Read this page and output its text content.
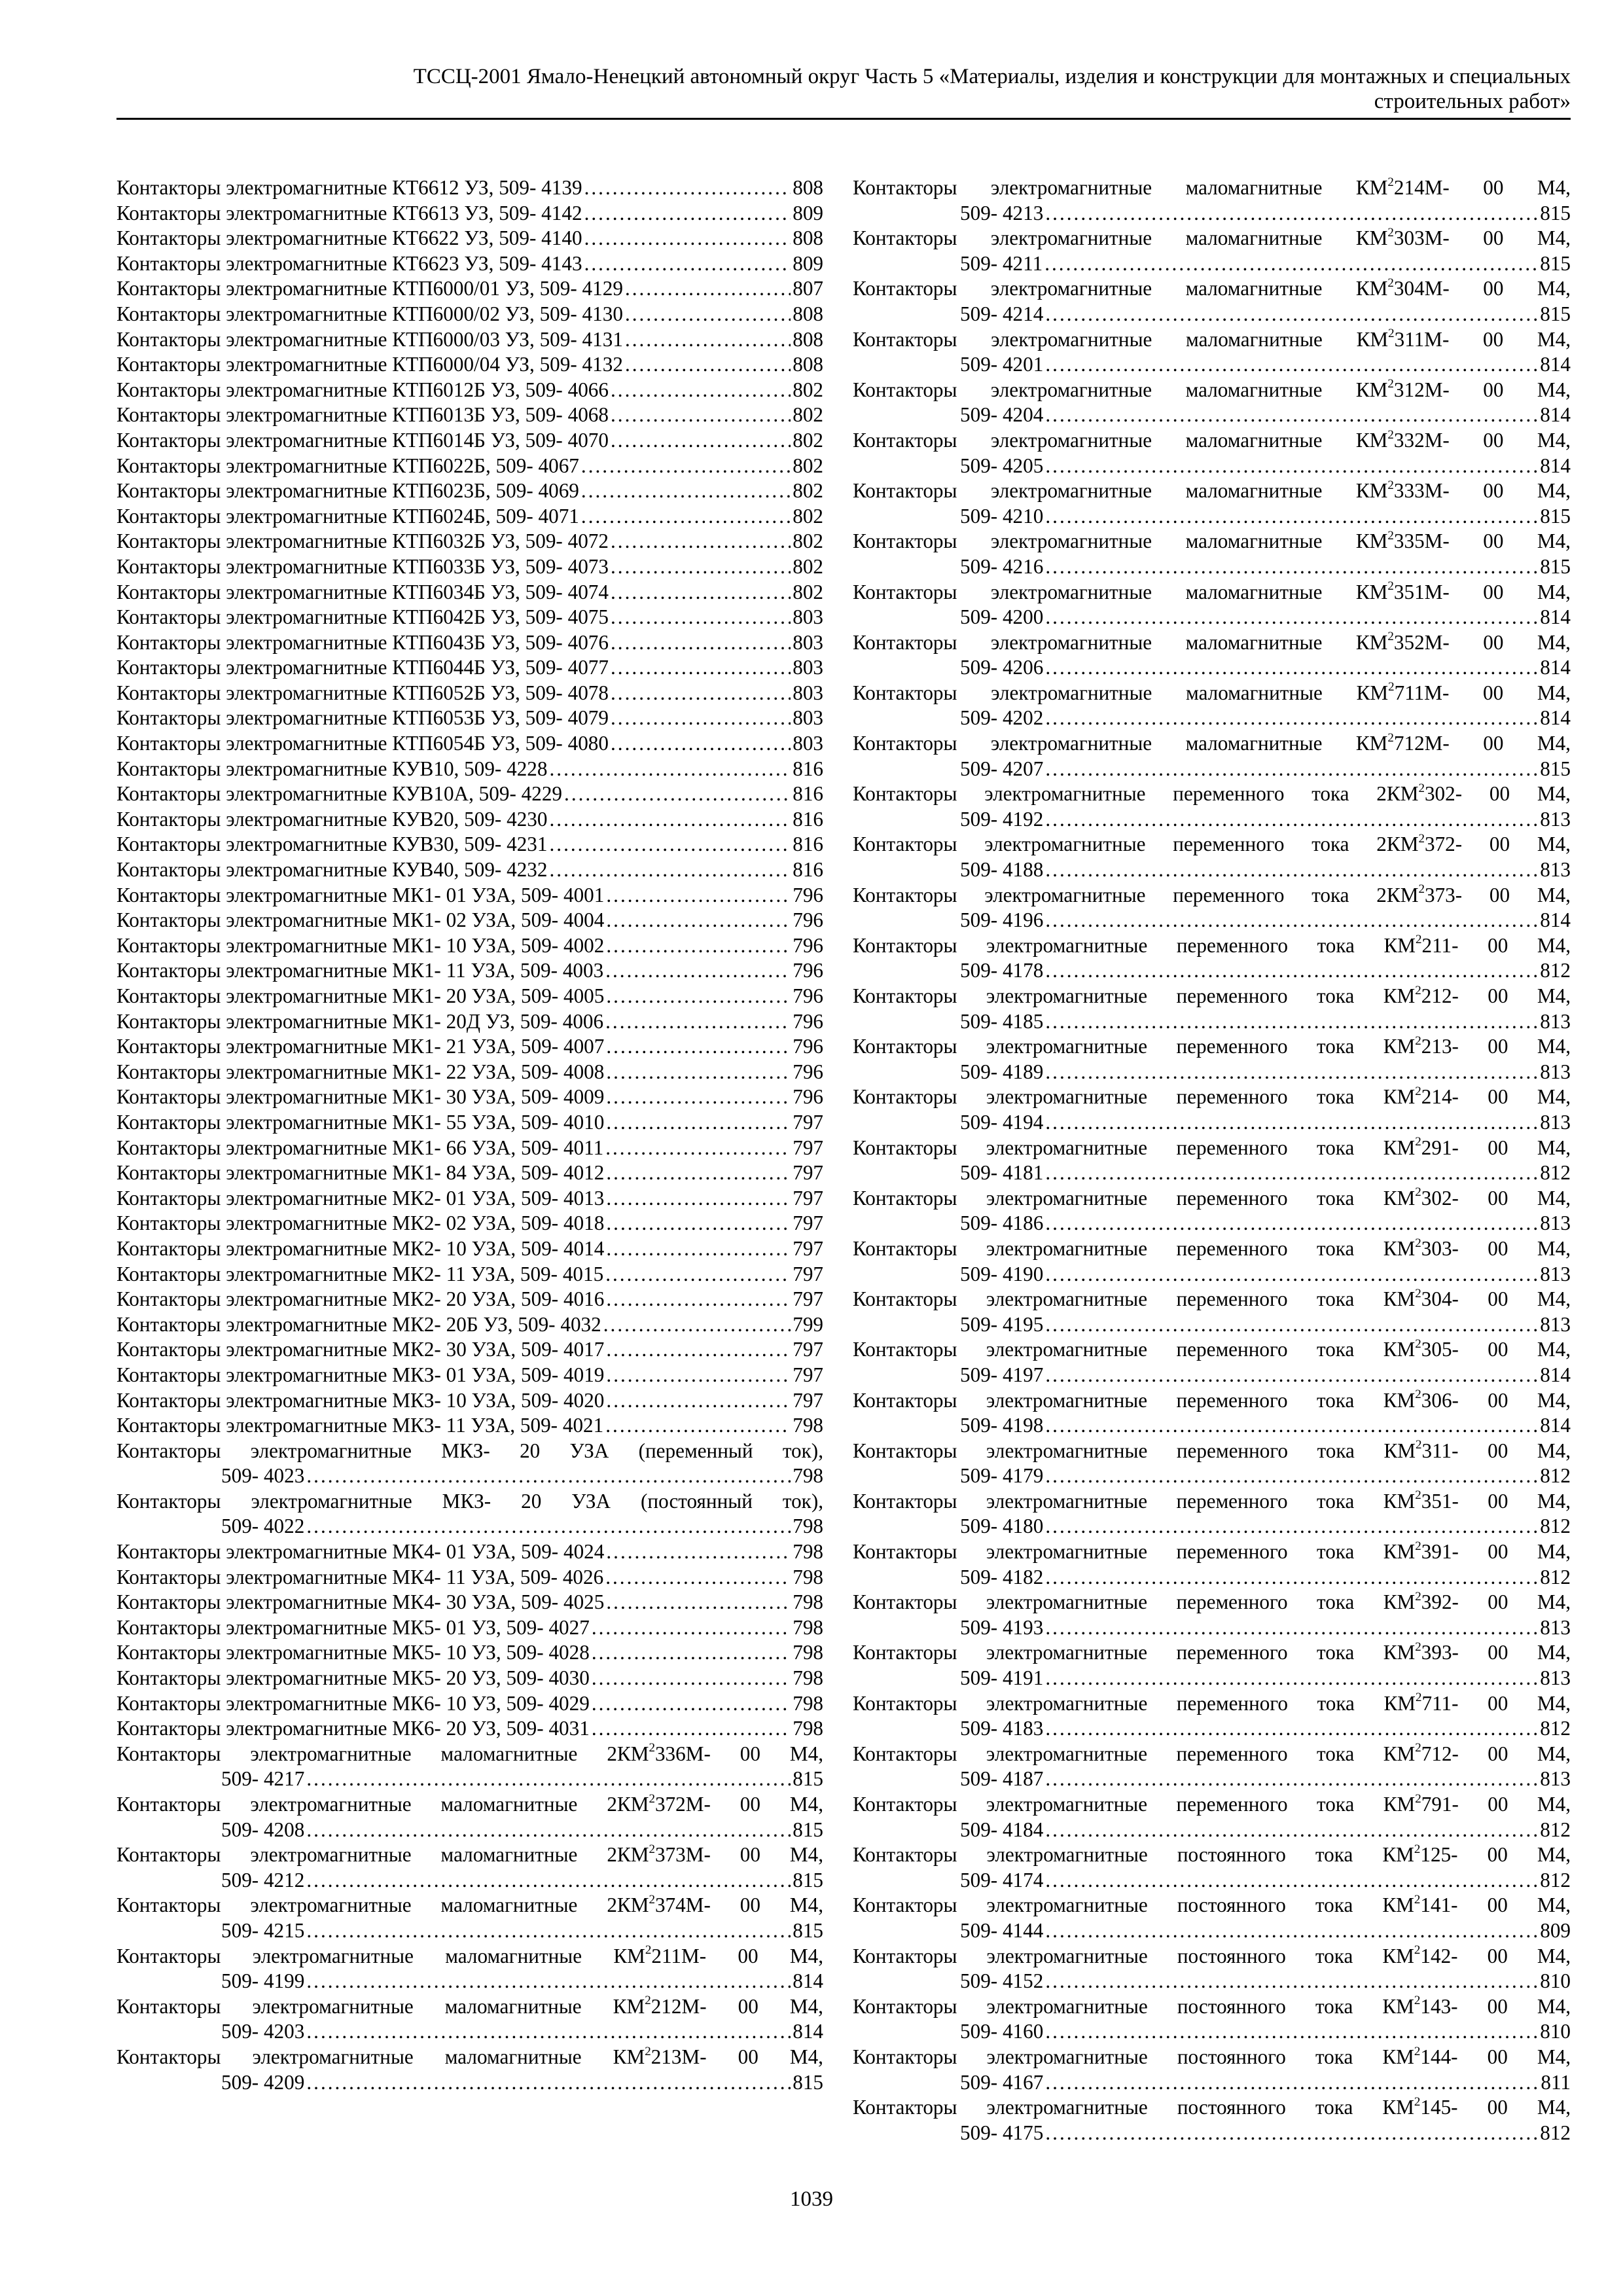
ТССЦ-2001 Ямало-Ненецкий автономный округ Часть 5 «Материалы, изделия и конструкции для монтажных и специальных
строительных работ»
Контакторы электромагнитные КТ6612 УЗ, 509- 4139 .....	808
Контакторы электромагнитные КТ6613 УЗ, 509- 4142 .....	809
Контакторы электромагнитные КТ6622 УЗ, 509- 4140 .....	808
Контакторы электромагнитные КТ6623 УЗ, 509- 4143 .....	809
Контакторы электромагнитные КТП6000/01 УЗ, 509- 4129 .....	807
Контакторы электромагнитные КТП6000/02 УЗ, 509- 4130 .....	808
Контакторы электромагнитные КТП6000/03 УЗ, 509- 4131 .....	808
Контакторы электромагнитные КТП6000/04 УЗ, 509- 4132 .....	808
Контакторы электромагнитные КТП6012Б УЗ, 509- 4066 .....	802
Контакторы электромагнитные КТП6013Б УЗ, 509- 4068 .....	802
Контакторы электромагнитные КТП6014Б УЗ, 509- 4070 .....	802
Контакторы электромагнитные КТП6022Б, 509- 4067 .....	802
Контакторы электромагнитные КТП6023Б, 509- 4069 .....	802
Контакторы электромагнитные КТП6024Б, 509- 4071 .....	802
Контакторы электромагнитные КТП6032Б УЗ, 509- 4072 .....	802
Контакторы электромагнитные КТП6033Б УЗ, 509- 4073 .....	802
Контакторы электромагнитные КТП6034Б УЗ, 509- 4074 .....	802
Контакторы электромагнитные КТП6042Б УЗ, 509- 4075 .....	803
Контакторы электромагнитные КТП6043Б УЗ, 509- 4076 .....	803
Контакторы электромагнитные КТП6044Б УЗ, 509- 4077 .....	803
Контакторы электромагнитные КТП6052Б УЗ, 509- 4078 .....	803
Контакторы электромагнитные КТП6053Б УЗ, 509- 4079 .....	803
Контакторы электромагнитные КТП6054Б УЗ, 509- 4080 .....	803
Контакторы электромагнитные КУВ10, 509- 4228 .....	816
Контакторы электромагнитные КУВ10А, 509- 4229 .....	816
Контакторы электромагнитные КУВ20, 509- 4230 .....	816
Контакторы электромагнитные КУВ30, 509- 4231 .....	816
Контакторы электромагнитные КУВ40, 509- 4232 .....	816
Контакторы электромагнитные МК1- 01 УЗА, 509- 4001 .....	796
Контакторы электромагнитные МК1- 02 УЗА, 509- 4004 .....	796
Контакторы электромагнитные МК1- 10 УЗА, 509- 4002 .....	796
Контакторы электромагнитные МК1- 11 УЗА, 509- 4003 .....	796
Контакторы электромагнитные МК1- 20 УЗА, 509- 4005 .....	796
Контакторы электромагнитные МК1- 20Д УЗ, 509- 4006 .....	796
Контакторы электромагнитные МК1- 21 УЗА, 509- 4007 .....	796
Контакторы электромагнитные МК1- 22 УЗА, 509- 4008 .....	796
Контакторы электромагнитные МК1- 30 УЗА, 509- 4009 .....	796
Контакторы электромагнитные МК1- 55 УЗА, 509- 4010 .....	797
Контакторы электромагнитные МК1- 66 УЗА, 509- 4011 .....	797
Контакторы электромагнитные МК1- 84 УЗА, 509- 4012 .....	797
Контакторы электромагнитные МК2- 01 УЗА, 509- 4013 .....	797
Контакторы электромагнитные МК2- 02 УЗА, 509- 4018 .....	797
Контакторы электромагнитные МК2- 10 УЗА, 509- 4014 .....	797
Контакторы электромагнитные МК2- 11 УЗА, 509- 4015 .....	797
Контакторы электромагнитные МК2- 20 УЗА, 509- 4016 .....	797
Контакторы электромагнитные МК2- 20Б УЗ, 509- 4032 .....	799
Контакторы электромагнитные МК2- 30 УЗА, 509- 4017 .....	797
Контакторы электромагнитные МКЗ- 01 УЗА, 509- 4019 .....	797
Контакторы электромагнитные МКЗ- 10 УЗА, 509- 4020 .....	797
Контакторы электромагнитные МКЗ- 11 УЗА, 509- 4021 .....	798
Контакторы электромагнитные МКЗ- 20 УЗА (переменный ток),
509- 4023 .....	798
Контакторы электромагнитные МКЗ- 20 УЗА (постоянный ток),
509- 4022 .....	798
Контакторы электромагнитные МК4- 01 УЗА, 509- 4024 .....	798
Контакторы электромагнитные МК4- 11 УЗА, 509- 4026 .....	798
Контакторы электромагнитные МК4- 30 УЗА, 509- 4025 .....	798
Контакторы электромагнитные МК5- 01 УЗ, 509- 4027 .....	798
Контакторы электромагнитные МК5- 10 УЗ, 509- 4028 .....	798
Контакторы электромагнитные МК5- 20 УЗ, 509- 4030 .....	798
Контакторы электромагнитные МК6- 10 УЗ, 509- 4029 .....	798
Контакторы электромагнитные МК6- 20 УЗ, 509- 4031 .....	798
Контакторы электромагнитные маломагнитные $2КМ^2336М-$ 00 М4,
509- 4217 .....	815
Контакторы электромагнитные маломагнитные $2КМ^2372М-$ 00 М4,
509- 4208 .....	815
Контакторы электромагнитные маломагнитные $2КМ^2373М-$ 00 М4,
509- 4212 .....	815
Контакторы электромагнитные маломагнитные $2КМ^2374М-$ 00 М4,
509- 4215 .....	815
Контакторы электромагнитные маломагнитные $КМ^2211М-$ 00 М4,
509- 4199 .....	814
Контакторы электромагнитные маломагнитные $КМ^2212М-$ 00 М4,
509- 4203 .....	814
Контакторы электромагнитные маломагнитные $КМ^2213М-$ 00 М4,
509- 4209 .....	815
Контакторы электромагнитные маломагнитные $КМ^2214М-$ 00 М4,
509- 4213 .....	815
Контакторы электромагнитные маломагнитные $КМ^2303М-$ 00 М4,
509- 4211 .....	815
Контакторы электромагнитные маломагнитные $КМ^2304М-$ 00 М4,
509- 4214 .....	815
Контакторы электромагнитные маломагнитные $КМ^2311М-$ 00 М4,
509- 4201 .....	814
Контакторы электромагнитные маломагнитные $КМ^2312М-$ 00 М4,
509- 4204 .....	814
Контакторы электромагнитные маломагнитные $КМ^2332М-$ 00 М4,
509- 4205 .....	814
Контакторы электромагнитные маломагнитные $КМ^2333М-$ 00 М4,
509- 4210 .....	815
Контакторы электромагнитные маломагнитные $КМ^2335М-$ 00 М4,
509- 4216 .....	815
Контакторы электромагнитные маломагнитные $КМ^2351М-$ 00 М4,
509- 4200 .....	814
Контакторы электромагнитные маломагнитные $КМ^2352М-$ 00 М4,
509- 4206 .....	814
Контакторы электромагнитные маломагнитные $КМ^2711М-$ 00 М4,
509- 4202 .....	814
Контакторы электромагнитные маломагнитные $КМ^2712М-$ 00 М4,
509- 4207 .....	815
Контакторы электромагнитные переменного тока $2КМ^2302-$ 00 М4,
509- 4192 .....	813
Контакторы электромагнитные переменного тока $2КМ^2372-$ 00 М4,
509- 4188 .....	813
Контакторы электромагнитные переменного тока $2КМ^2373-$ 00 М4,
509- 4196 .....	814
Контакторы электромагнитные переменного тока $КМ^2211-$ 00 М4,
509- 4178 .....	812
Контакторы электромагнитные переменного тока $КМ^2212-$ 00 М4,
509- 4185 .....	813
Контакторы электромагнитные переменного тока $КМ^2213-$ 00 М4,
509- 4189 .....	813
Контакторы электромагнитные переменного тока $КМ^2214-$ 00 М4,
509- 4194 .....	813
Контакторы электромагнитные переменного тока $КМ^2291-$ 00 М4,
509- 4181 .....	812
Контакторы электромагнитные переменного тока $КМ^2302-$ 00 М4,
509- 4186 .....	813
Контакторы электромагнитные переменного тока $КМ^2303-$ 00 М4,
509- 4190 .....	813
Контакторы электромагнитные переменного тока $КМ^2304-$ 00 М4,
509- 4195 .....	813
Контакторы электромагнитные переменного тока $КМ^2305-$ 00 М4,
509- 4197 .....	814
Контакторы электромагнитные переменного тока $КМ^2306-$ 00 М4,
509- 4198 .....	814
Контакторы электромагнитные переменного тока $КМ^2311-$ 00 М4,
509- 4179 .....	812
Контакторы электромагнитные переменного тока $КМ^2351-$ 00 М4,
509- 4180 .....	812
Контакторы электромагнитные переменного тока $КМ^2391-$ 00 М4,
509- 4182 .....	812
Контакторы электромагнитные переменного тока $КМ^2392-$ 00 М4,
509- 4193 .....	813
Контакторы электромагнитные переменного тока $КМ^2393-$ 00 М4,
509- 4191 .....	813
Контакторы электромагнитные переменного тока $КМ^2711-$ 00 М4,
509- 4183 .....	812
Контакторы электромагнитные переменного тока $КМ^2712-$ 00 М4,
509- 4187 .....	813
Контакторы электромагнитные переменного тока $КМ^2791-$ 00 М4,
509- 4184 .....	812
Контакторы электромагнитные постоянного тока $КМ^2125-$ 00 М4,
509- 4174 .....	812
Контакторы электромагнитные постоянного тока $КМ^2141-$ 00 М4,
509- 4144 .....	809
Контакторы электромагнитные постоянного тока $КМ^2142-$ 00 М4,
509- 4152 .....	810
Контакторы электромагнитные постоянного тока $КМ^2143-$ 00 М4,
509- 4160 .....	810
Контакторы электромагнитные постоянного тока $КМ^2144-$ 00 М4,
509- 4167 .....	811
Контакторы электромагнитные постоянного тока $КМ^2145-$ 00 М4,
509- 4175 .....	812
1039
